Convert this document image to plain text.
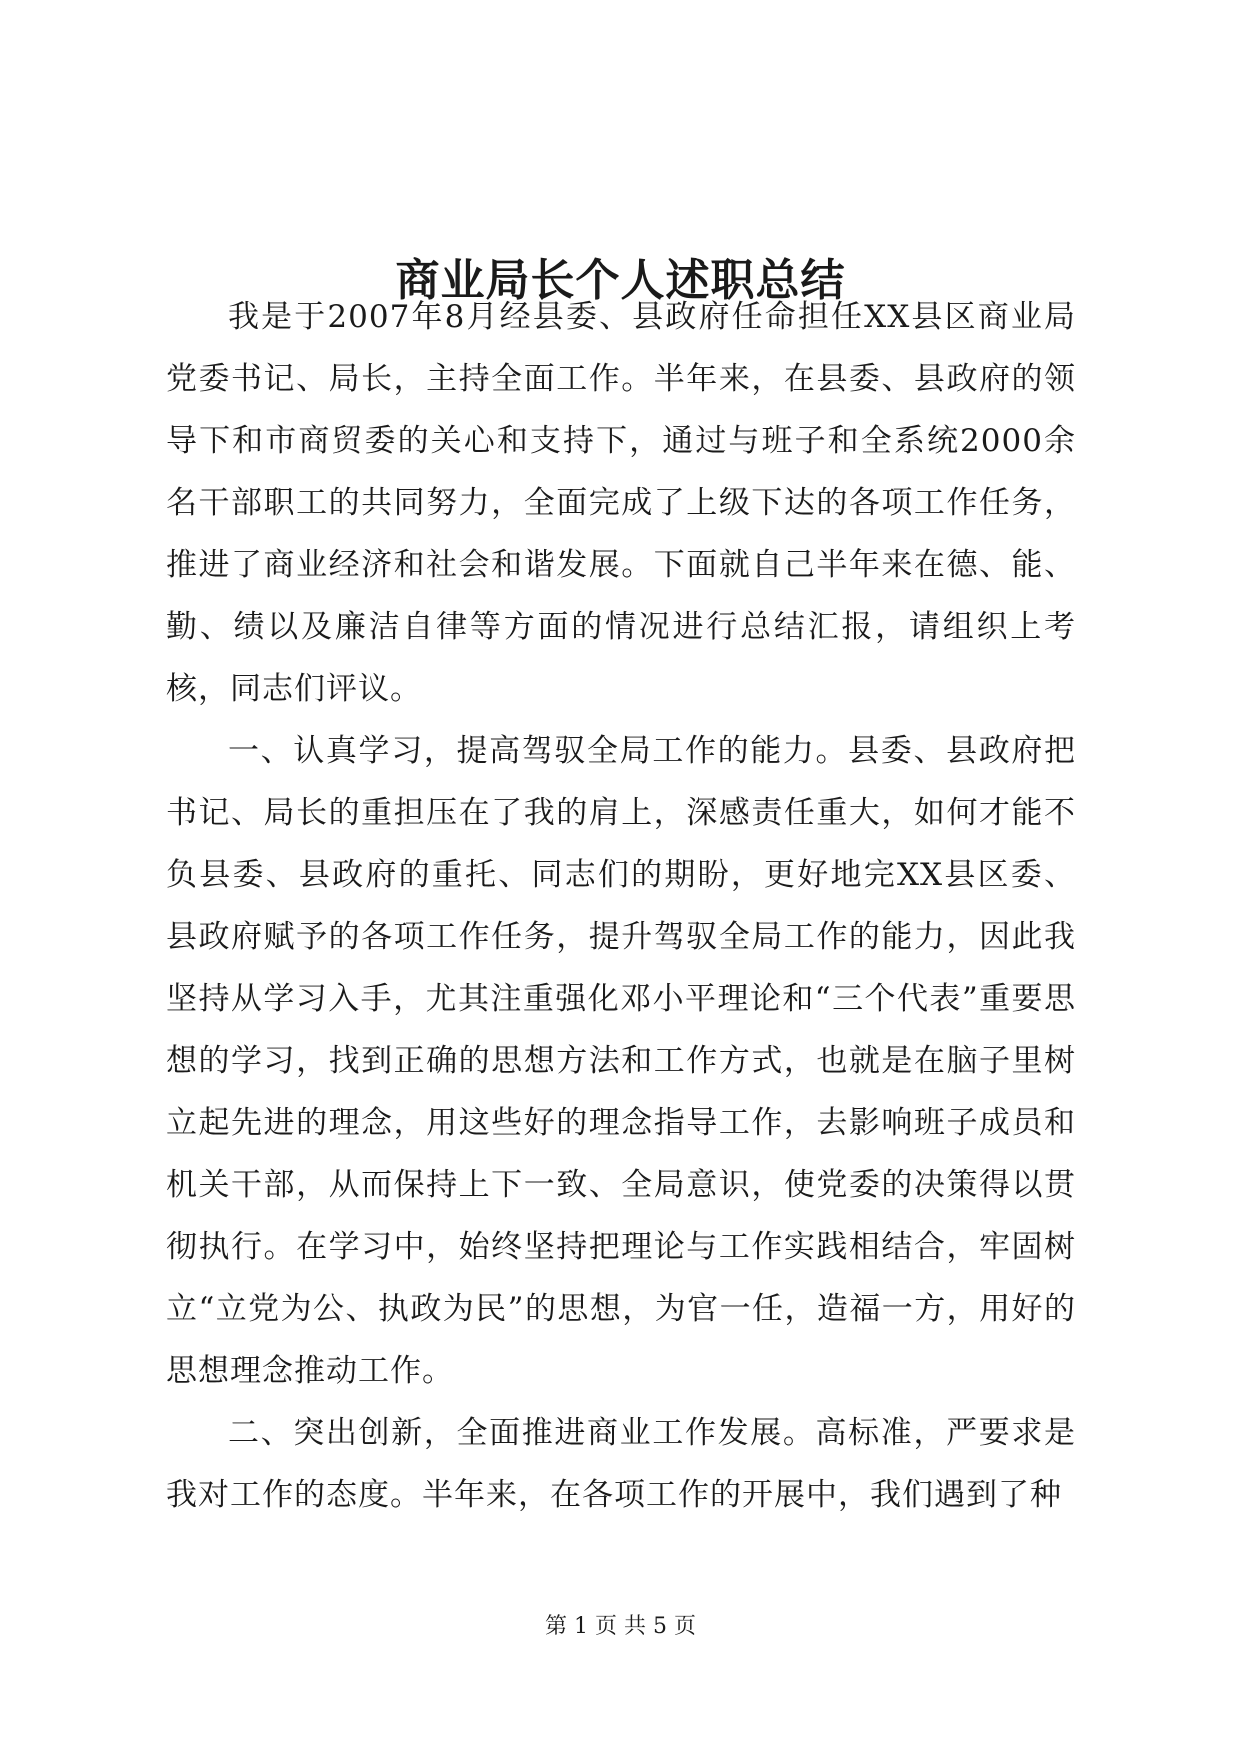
商业局长个人述职总结

我是于2007年8月经县委、县政府任命担任XX县区商业局党委书记、局长，主持全面工作。半年来，在县委、县政府的领导下和市商贸委的关心和支持下，通过与班子和全系统2000余名干部职工的共同努力，全面完成了上级下达的各项工作任务，推进了商业经济和社会和谐发展。下面就自己半年来在德、能、勤、绩以及廉洁自律等方面的情况进行总结汇报，请组织上考核，同志们评议。

一、认真学习，提高驾驭全局工作的能力。县委、县政府把书记、局长的重担压在了我的肩上，深感责任重大，如何才能不负县委、县政府的重托、同志们的期盼，更好地完XX县区委、县政府赋予的各项工作任务，提升驾驭全局工作的能力，因此我坚持从学习入手，尤其注重强化邓小平理论和“三个代表”重要思想的学习，找到正确的思想方法和工作方式，也就是在脑子里树立起先进的理念，用这些好的理念指导工作，去影响班子成员和机关干部，从而保持上下一致、全局意识，使党委的决策得以贯彻执行。在学习中，始终坚持把理论与工作实践相结合，牢固树立“立党为公、执政为民”的思想，为官一任，造福一方，用好的思想理念推动工作。

二、突出创新，全面推进商业工作发展。高标准，严要求是我对工作的态度。半年来，在各项工作的开展中，我们遇到了种

第 1 页 共 5 页
